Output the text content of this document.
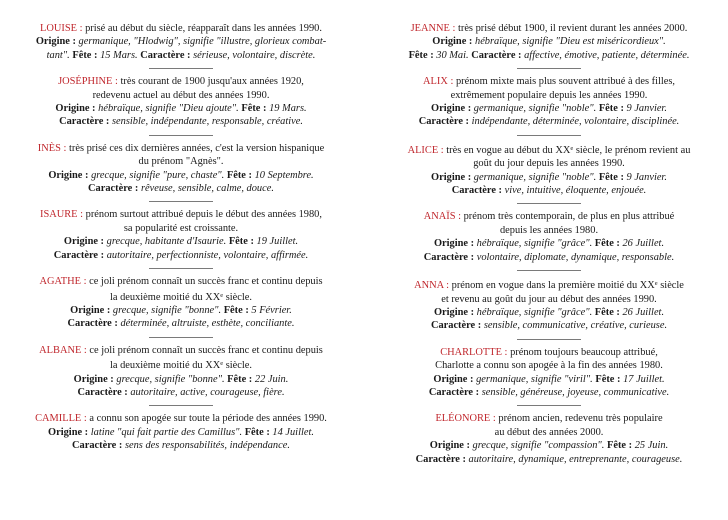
LOUISE : prisé au début du siècle, réapparaît dans les années 1990.
Origine : germanique, "Hlodwig", signifie "illustre, glorieux combat-
tant". Fête : 15 Mars. Caractère : sérieuse, volontaire, discrète.
JOSÉPHINE : très courant de 1900 jusqu'aux années 1920,
redevenu actuel au début des années 1990.
Origine : hébraïque, signifie "Dieu ajoute". Fête : 19 Mars.
Caractère : sensible, indépendante, responsable, créative.
INÈS : très prisé ces dix dernières années, c'est la version hispanique
du prénom "Agnès".
Origine : grecque, signifie "pure, chaste". Fête : 10 Septembre.
Caractère : rêveuse, sensible, calme, douce.
ISAURE : prénom surtout attribué depuis le début des années 1980,
sa popularité est croissante.
Origine : grecque, habitante d'Isaurie. Fête : 19 Juillet.
Caractère : autoritaire, perfectionniste, volontaire, affirmée.
AGATHE : ce joli prénom connaît un succès franc et continu depuis
la deuxième moitié du XXe siècle.
Origine : grecque, signifie "bonne". Fête : 5 Février.
Caractère : déterminée, altruiste, esthète, conciliante.
ALBANE : ce joli prénom connaît un succès franc et continu depuis
la deuxième moitié du XXe siècle.
Origine : grecque, signifie "bonne". Fête : 22 Juin.
Caractère : autoritaire, active, courageuse, fière.
CAMILLE : a connu son apogée sur toute la période des années 1990.
Origine : latine "qui fait partie des Camillus". Fête : 14 Juillet.
Caractère : sens des responsabilités, indépendance.
JEANNE : très prisé début 1900, il revient durant les années 2000.
Origine : hébraïque, signifie "Dieu est miséricordieux".
Fête : 30 Mai. Caractère : affective, émotive, patiente, déterminée.
ALIX : prénom mixte mais plus souvent attribué à des filles,
extrêmement populaire depuis les années 1990.
Origine : germanique, signifie "noble". Fête : 9 Janvier.
Caractère : indépendante, déterminée, volontaire, disciplinée.
ALICE : très en vogue au début du XXe siècle, le prénom revient au
goût du jour depuis les années 1990.
Origine : germanique, signifie "noble". Fête : 9 Janvier.
Caractère : vive, intuitive, éloquente, enjouée.
ANAÏS : prénom très contemporain, de plus en plus attribué
depuis les années 1980.
Origine : hébraïque, signifie "grâce". Fête : 26 Juillet.
Caractère : volontaire, diplomate, dynamique, responsable.
ANNA : prénom en vogue dans la première moitié du XXe siècle
et revenu au goût du jour au début des années 1990.
Origine : hébraïque, signifie "grâce". Fête : 26 Juillet.
Caractère : sensible, communicative, créative, curieuse.
CHARLOTTE : prénom toujours beaucoup attribué,
Charlotte a connu son apogée à la fin des années 1980.
Origine : germanique, signifie "viril". Fête : 17 Juillet.
Caractère : sensible, généreuse, joyeuse, communicative.
ELÉONORE : prénom ancien, redevenu très populaire
au début des années 2000.
Origine : grecque, signifie "compassion". Fête : 25 Juin.
Caractère : autoritaire, dynamique, entreprenante, courageuse.
